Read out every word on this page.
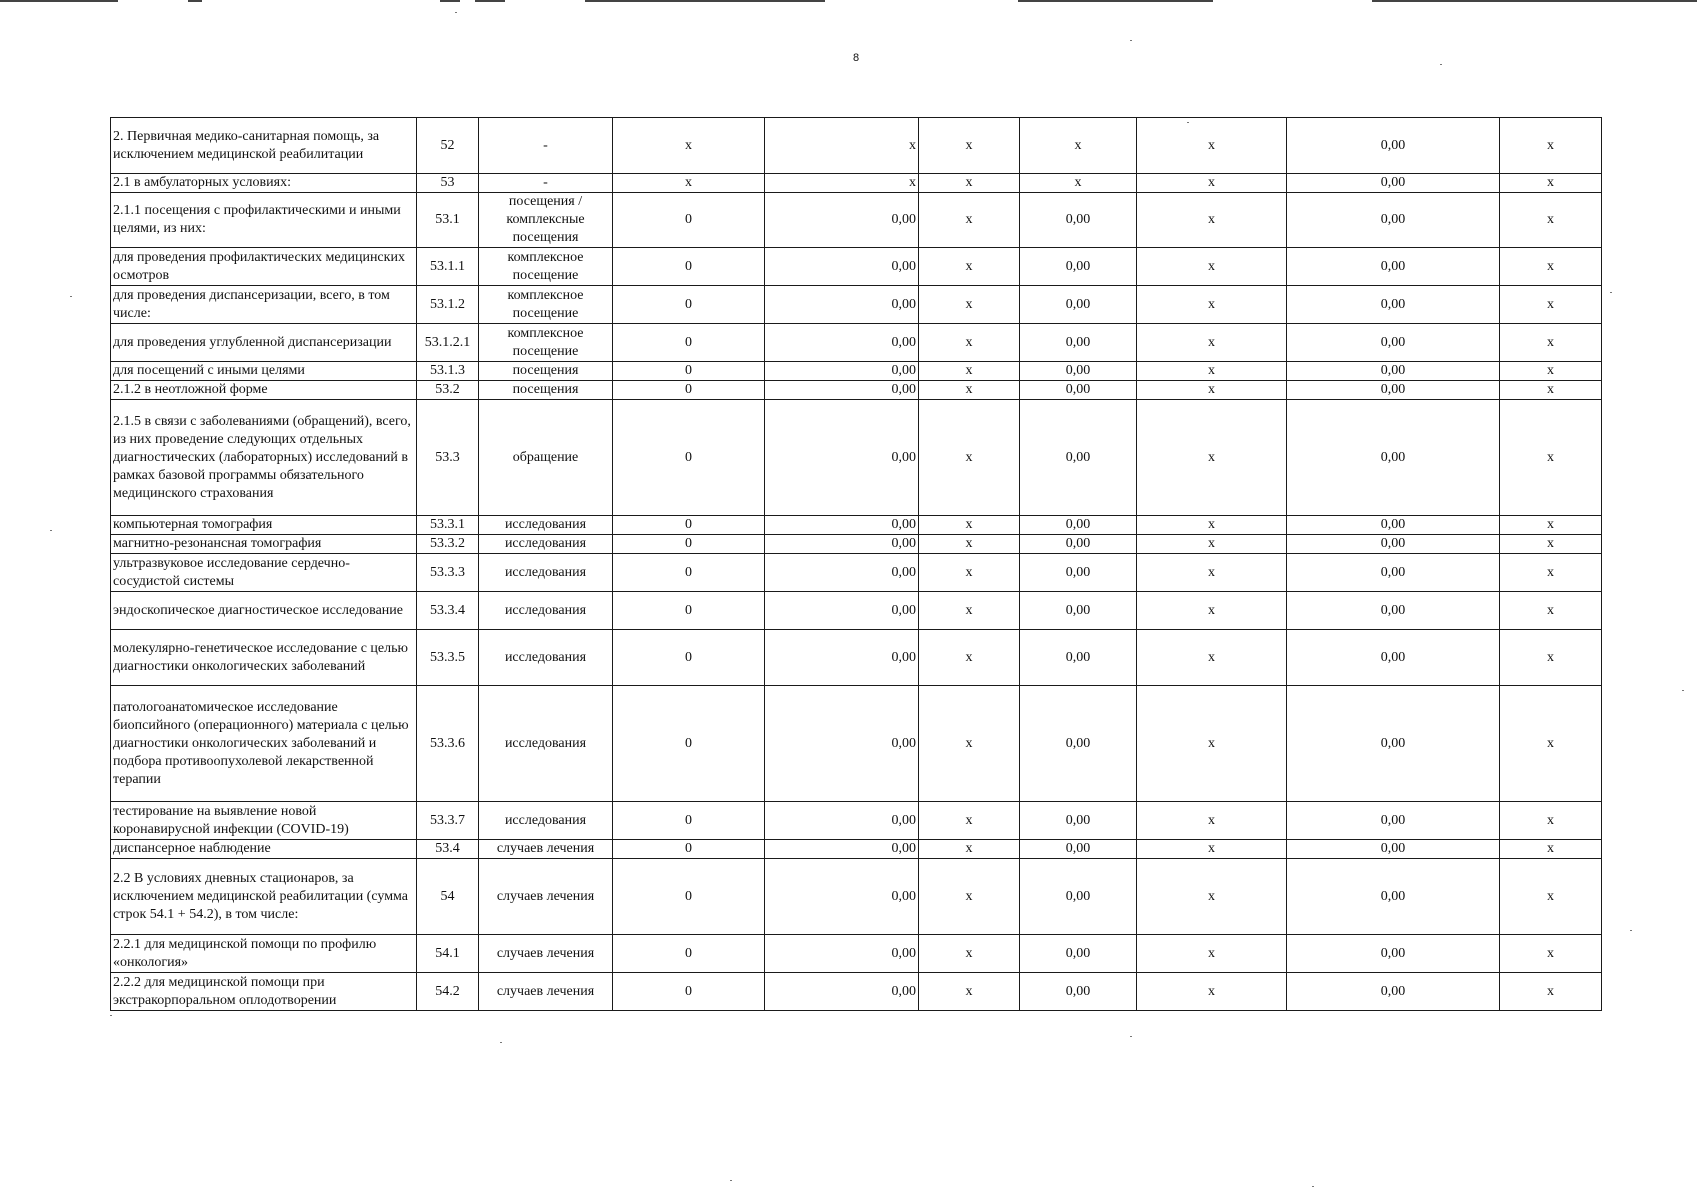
8
2. Первичная медико-санитарная помощь, за исключением медицинской реабилитации	52	-	х	х	х	х	х	0,00	х
2.1 в амбулаторных условиях:	53	-	х	х	х	х	х	0,00	х
2.1.1 посещения с профилактическими и иными целями, из них:	53.1	посещения / комплексные посещения	0	0,00	х	0,00	х	0,00	х
для проведения профилактических медицинских осмотров	53.1.1	комплексное посещение	0	0,00	х	0,00	х	0,00	х
для проведения диспансеризации, всего, в том числе:	53.1.2	комплексное посещение	0	0,00	х	0,00	х	0,00	х
для проведения углубленной диспансеризации	53.1.2.1	комплексное посещение	0	0,00	х	0,00	х	0,00	х
для посещений с иными целями	53.1.3	посещения	0	0,00	х	0,00	х	0,00	х
2.1.2 в неотложной форме	53.2	посещения	0	0,00	х	0,00	х	0,00	х
2.1.5 в связи с заболеваниями (обращений), всего, из них проведение следующих отдельных диагностических (лабораторных) исследований в рамках базовой программы обязательного медицинского страхования	53.3	обращение	0	0,00	х	0,00	х	0,00	х
компьютерная томография	53.3.1	исследования	0	0,00	х	0,00	х	0,00	х
магнитно-резонансная томография	53.3.2	исследования	0	0,00	х	0,00	х	0,00	х
ультразвуковое исследование сердечно-сосудистой системы	53.3.3	исследования	0	0,00	х	0,00	х	0,00	х
эндоскопическое диагностическое исследование	53.3.4	исследования	0	0,00	х	0,00	х	0,00	х
молекулярно-генетическое исследование с целью диагностики онкологических заболеваний	53.3.5	исследования	0	0,00	х	0,00	х	0,00	х
патологоанатомическое исследование биопсийного (операционного) материала с целью диагностики онкологических заболеваний и подбора противоопухолевой лекарственной терапии	53.3.6	исследования	0	0,00	х	0,00	х	0,00	х
тестирование на выявление новой коронавирусной инфекции (COVID-19)	53.3.7	исследования	0	0,00	х	0,00	х	0,00	х
диспансерное наблюдение	53.4	случаев лечения	0	0,00	х	0,00	х	0,00	х
2.2 В условиях дневных стационаров, за исключением медицинской реабилитации (сумма строк 54.1 + 54.2), в том числе:	54	случаев лечения	0	0,00	х	0,00	х	0,00	х
2.2.1 для медицинской помощи по профилю «онкология»	54.1	случаев лечения	0	0,00	х	0,00	х	0,00	х
2.2.2 для медицинской помощи при экстракорпоральном оплодотворении	54.2	случаев лечения	0	0,00	х	0,00	х	0,00	х
